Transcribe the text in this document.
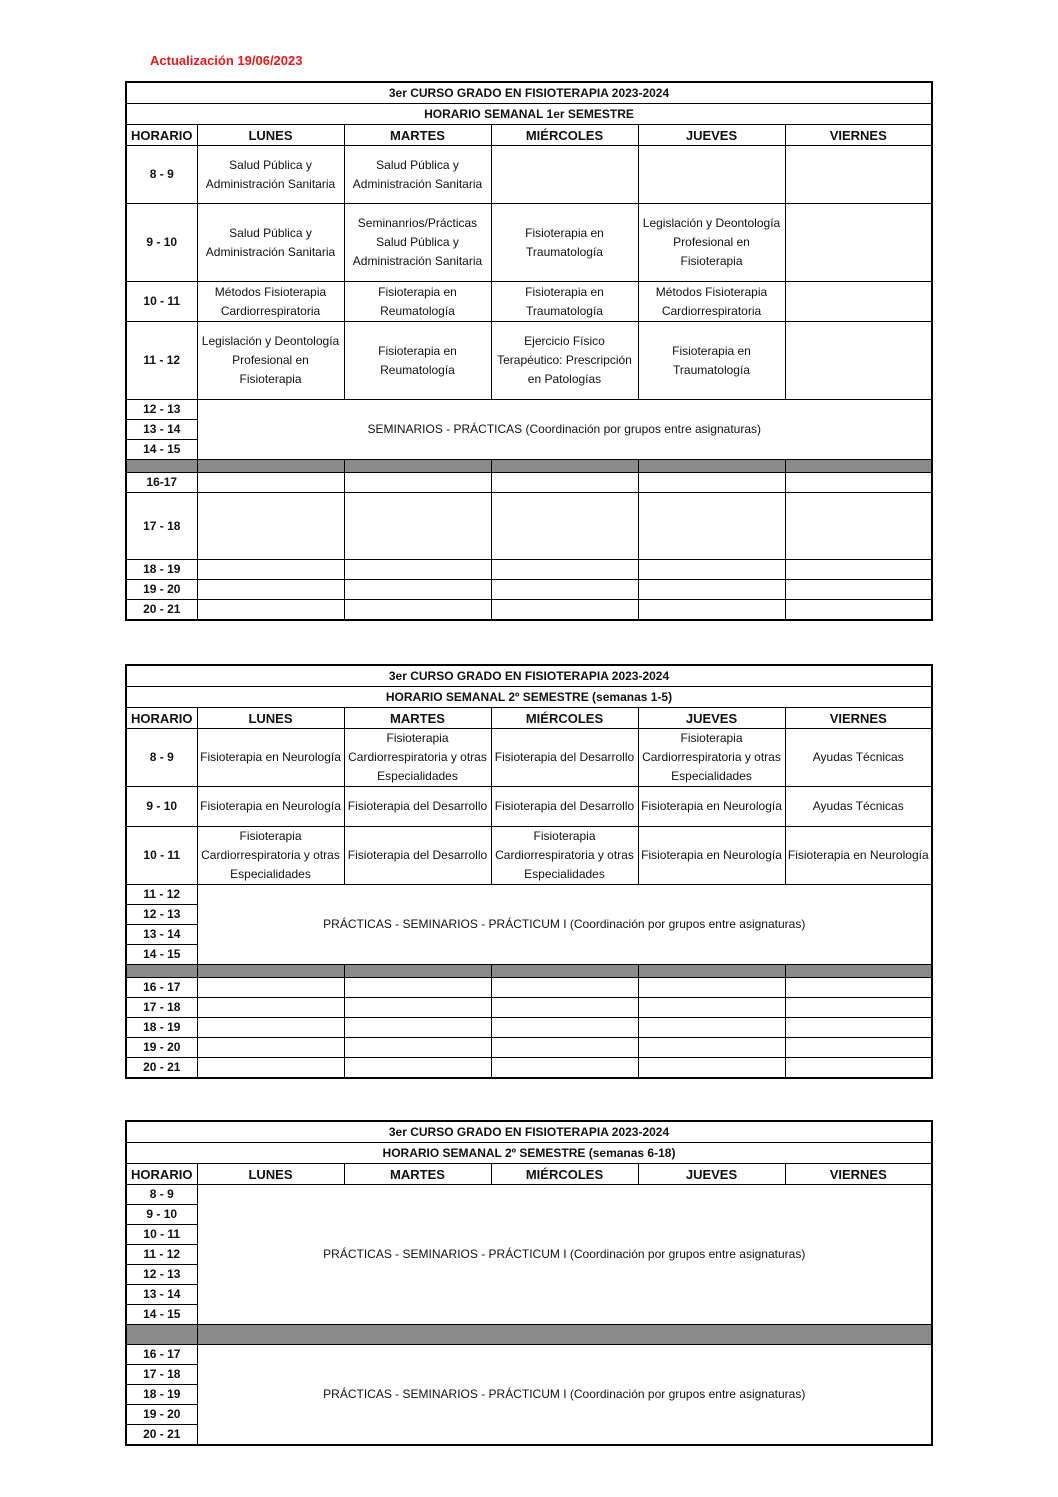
Actualización 19/06/2023
3er CURSO GRADO EN FISIOTERAPIA 2023-2024					
HORARIO SEMANAL 1er SEMESTRE					
HORARIO	LUNES	MARTES	MIÉRCOLES	JUEVES	VIERNES
8 - 9	Salud Pública y Administración Sanitaria	Salud Pública y Administración Sanitaria			
9 - 10	Salud Pública y Administración Sanitaria	Seminanrios/Prácticas Salud Pública y Administración Sanitaria	Fisioterapia en Traumatología	Legislación y Deontología Profesional en Fisioterapia	
10 - 11	Métodos Fisioterapia Cardiorrespiratoria	Fisioterapia en Reumatología	Fisioterapia en Traumatología	Métodos Fisioterapia Cardiorrespiratoria	
11 - 12	Legislación y Deontología Profesional en Fisioterapia	Fisioterapia en Reumatología	Ejercicio Físico Terapéutico: Prescripción en Patologías	Fisioterapia en Traumatología	
12 - 13	SEMINARIOS - PRÁCTICAS (Coordinación por grupos entre asignaturas)				
13 - 14					
14 - 15					

16-17					
17 - 18					
18 - 19					
19 - 20					
20 - 21					
3er CURSO GRADO EN FISIOTERAPIA 2023-2024					
HORARIO SEMANAL 2º SEMESTRE (semanas 1-5)					
HORARIO	LUNES	MARTES	MIÉRCOLES	JUEVES	VIERNES
8 - 9	Fisioterapia en Neurología	Fisioterapia Cardiorrespiratoria y otras Especialidades	Fisioterapia del Desarrollo	Fisioterapia Cardiorrespiratoria y otras Especialidades	Ayudas Técnicas
9 - 10	Fisioterapia en Neurología	Fisioterapia del Desarrollo	Fisioterapia del Desarrollo	Fisioterapia en Neurología	Ayudas Técnicas
10 - 11	Fisioterapia Cardiorrespiratoria y otras Especialidades	Fisioterapia del Desarrollo	Fisioterapia Cardiorrespiratoria y otras Especialidades	Fisioterapia en Neurología	Fisioterapia en Neurología
11 - 12	PRÁCTICAS - SEMINARIOS - PRÁCTICUM I (Coordinación por grupos entre asignaturas)				
12 - 13					
13 - 14					
14 - 15					

16 - 17					
17 - 18					
18 - 19					
19 - 20					
20 - 21					
3er CURSO GRADO EN FISIOTERAPIA 2023-2024					
HORARIO SEMANAL 2º SEMESTRE (semanas 6-18)					
HORARIO	LUNES	MARTES	MIÉRCOLES	JUEVES	VIERNES
8 - 9	PRÁCTICAS - SEMINARIOS - PRÁCTICUM I (Coordinación por grupos entre asignaturas)				
9 - 10					
10 - 11					
11 - 12					
12 - 13					
13 - 14					
14 - 15					

16 - 17	PRÁCTICAS - SEMINARIOS - PRÁCTICUM I (Coordinación por grupos entre asignaturas)				
17 - 18					
18 - 19					
19 - 20					
20 - 21					
